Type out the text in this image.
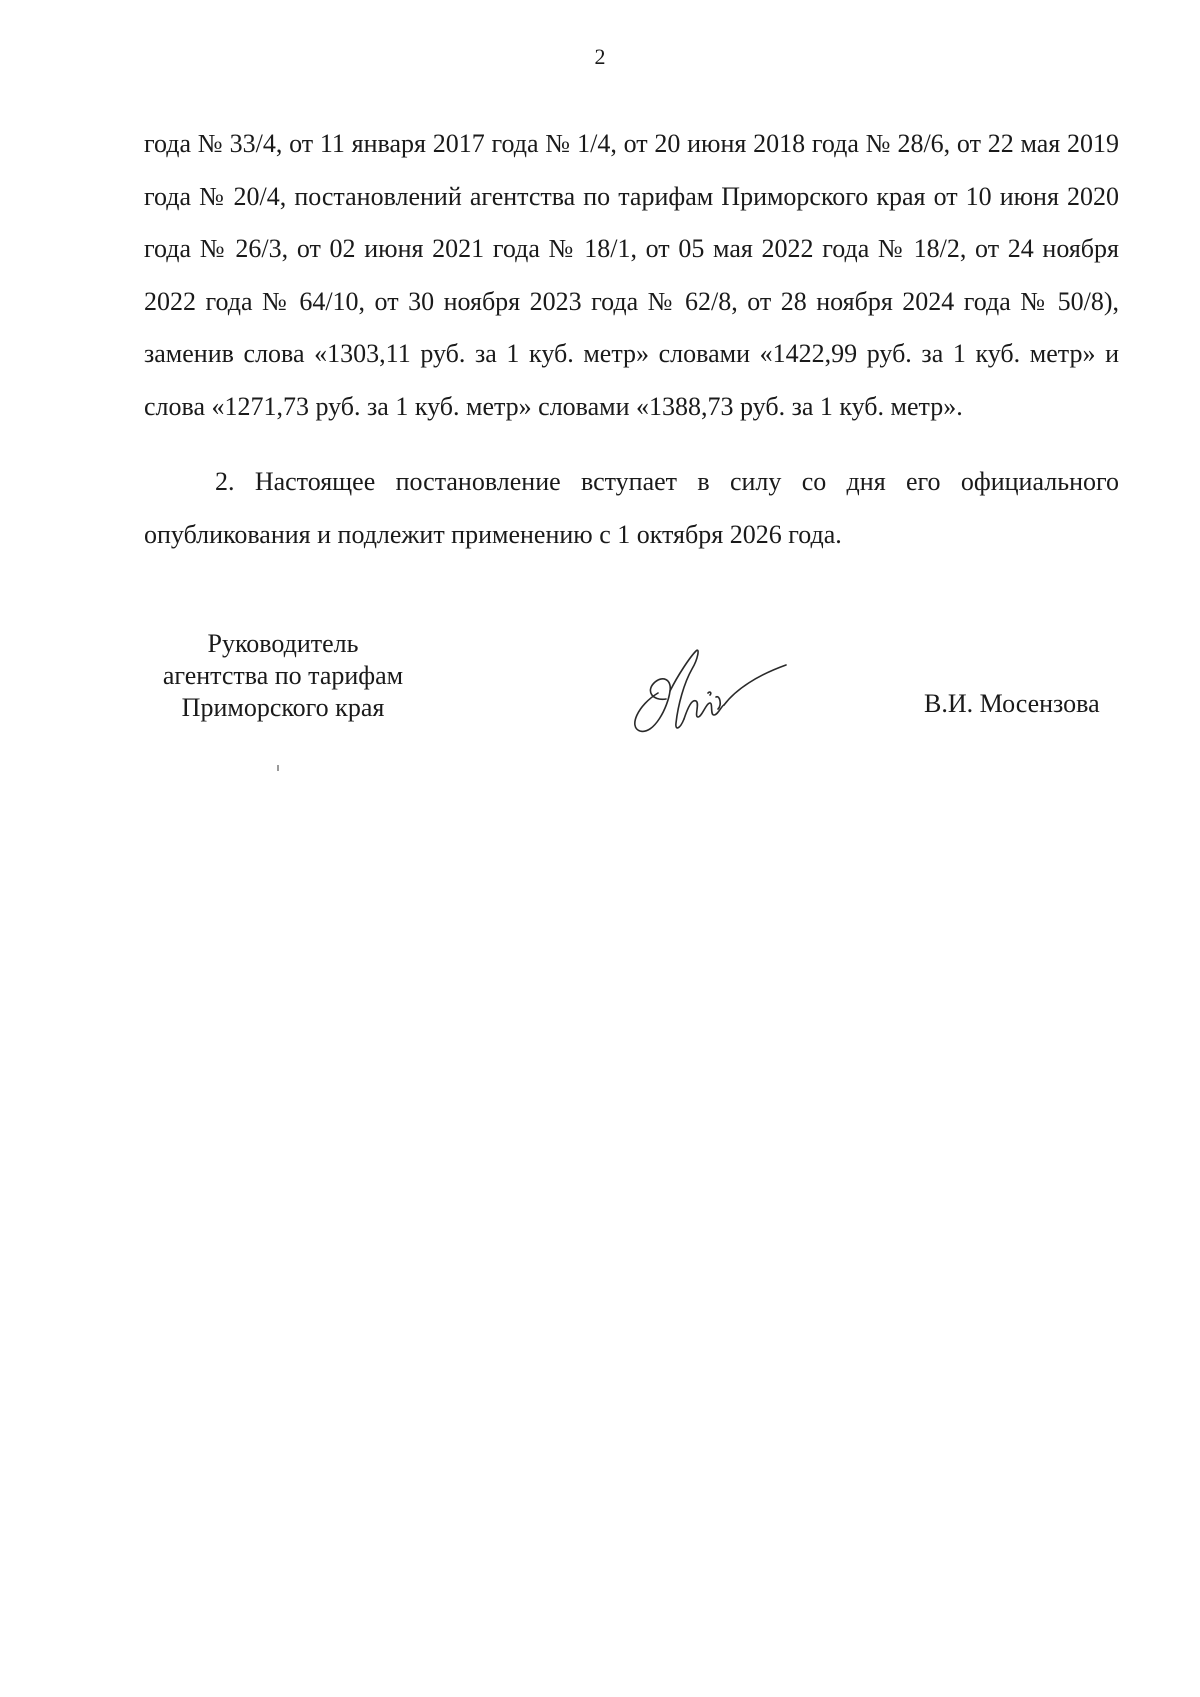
2
года № 33/4, от 11 января 2017 года № 1/4, от 20 июня 2018 года № 28/6, от 22 мая 2019 года № 20/4, постановлений агентства по тарифам Приморского края от 10 июня 2020 года № 26/3, от 02 июня 2021 года № 18/1, от 05 мая 2022 года № 18/2, от 24 ноября 2022 года № 64/10, от 30 ноября 2023 года № 62/8, от 28 ноября 2024 года № 50/8), заменив слова «1303,11 руб. за 1 куб. метр» словами «1422,99 руб. за 1 куб. метр» и слова «1271,73 руб. за 1 куб. метр» словами «1388,73 руб. за 1 куб. метр».
2. Настоящее постановление вступает в силу со дня его официального опубликования и подлежит применению с 1 октября 2026 года.
Руководитель
агентства по тарифам
Приморского края	В.И. Мосензова
